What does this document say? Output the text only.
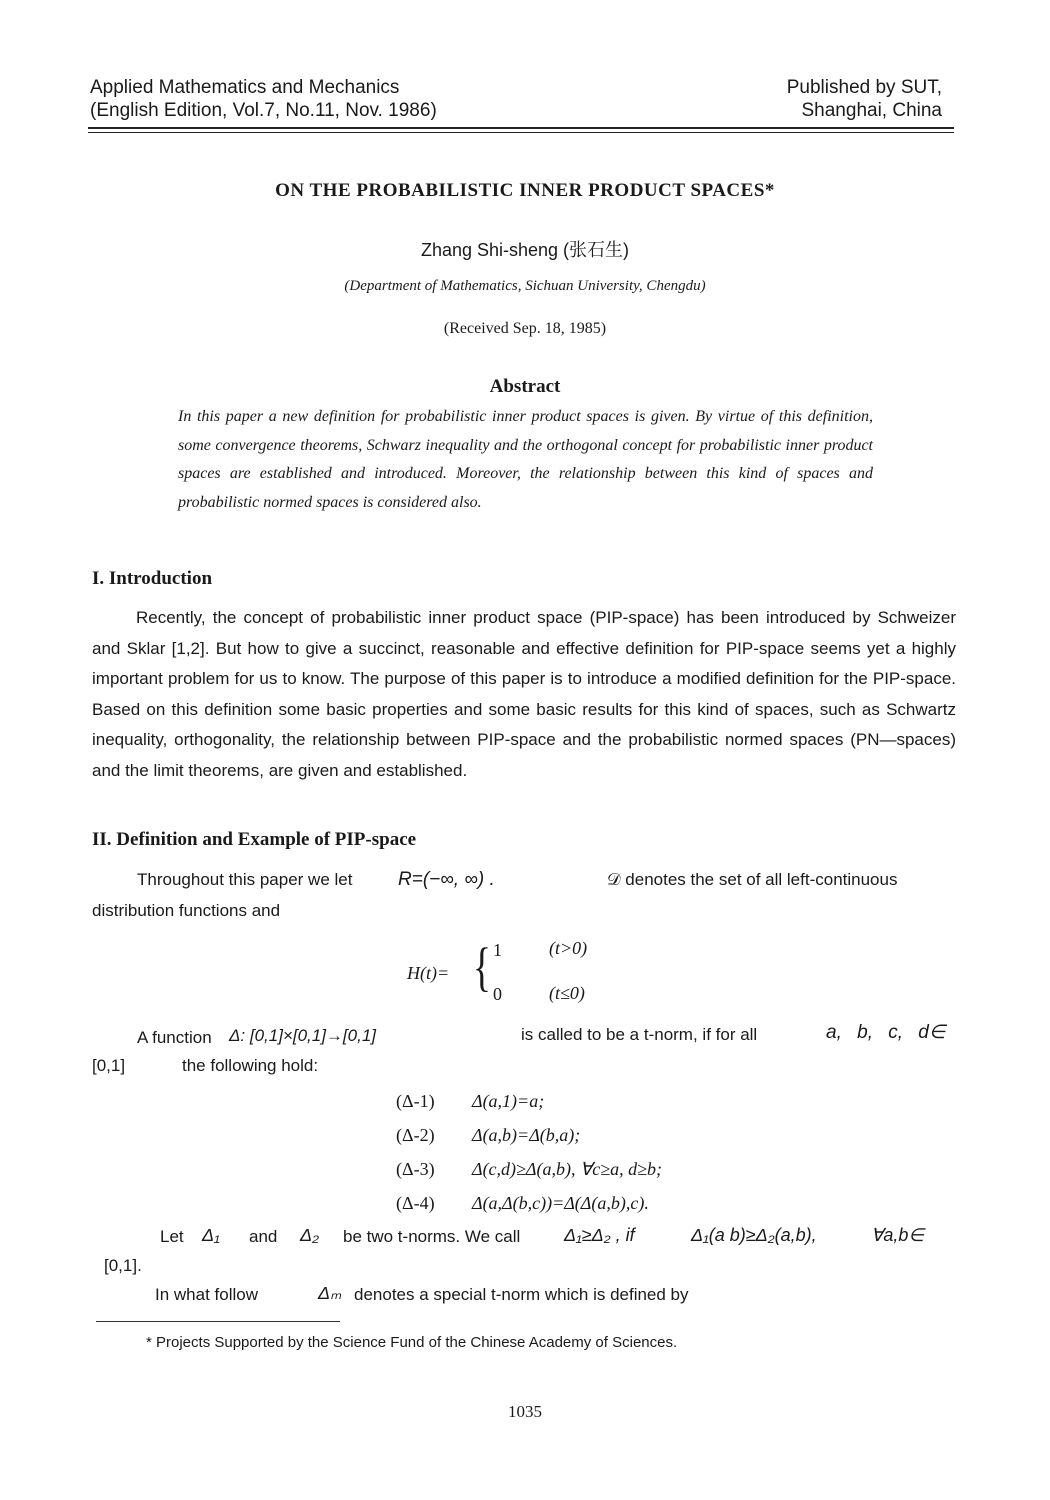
Applied Mathematics and Mechanics
(English Edition, Vol.7, No.11, Nov. 1986)
Published by SUT,
Shanghai, China
ON THE PROBABILISTIC INNER PRODUCT SPACES*
Zhang Shi-sheng (张石生)
(Department of Mathematics, Sichuan University, Chengdu)
(Received Sep. 18, 1985)
Abstract
In this paper a new definition for probabilistic inner product spaces is given. By virtue of this definition, some convergence theorems, Schwarz inequality and the orthogonal concept for probabilistic inner product spaces are established and introduced. Moreover, the relationship between this kind of spaces and probabilistic normed spaces is considered also.
I. Introduction
Recently, the concept of probabilistic inner product space (PIP-space) has been introduced by Schweizer and Sklar [1,2]. But how to give a succinct, reasonable and effective definition for PIP-space seems yet a highly important problem for us to know. The purpose of this paper is to introduce a modified definition for the PIP-space. Based on this definition some basic properties and some basic results for this kind of spaces, such as Schwartz inequality, orthogonality, the relationship between PIP-space and the probabilistic normed spaces (PN—spaces) and the limit theorems, are given and established.
II. Definition and Example of PIP-space
Throughout this paper we let R=(−∞, ∞) .	𝒟 denotes the set of all left-continuous
distribution functions and
H(t)= { 1	(t>0)
0	(t≤0)
A function Δ: [0,1]×[0,1]→[0,1]	is called to be a t-norm, if for all	a, b, c, d∈
[0,1]	the following hold:
(Δ-1) Δ(a,1)=a;
(Δ-2) Δ(a,b)=Δ(b,a);
(Δ-3) Δ(c,d)≥Δ(a,b), ∀c≥a, d≥b;
(Δ-4) Δ(a,Δ(b,c))=Δ(Δ(a,b),c).
Let Δ₁ and Δ₂ be two t-norms. We call Δ₁≥Δ₂ , if	Δ₁(a b)≥Δ₂(a,b),	∀a,b∈
[0,1].
In what follow	Δₘ denotes a special t-norm which is defined by
* Projects Supported by the Science Fund of the Chinese Academy of Sciences.
1035
